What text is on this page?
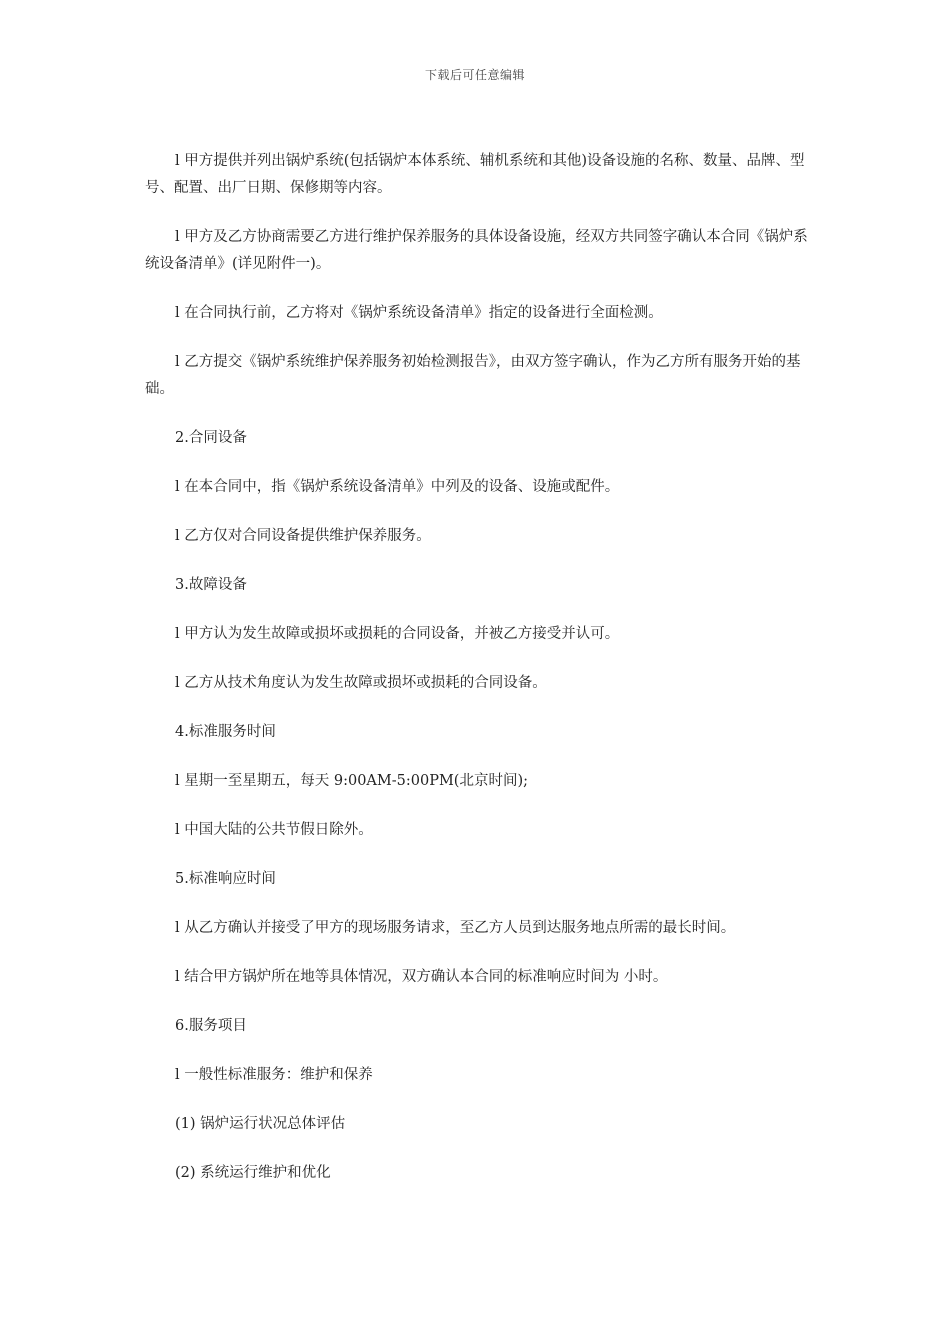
下载后可任意编辑

l 甲方提供并列出锅炉系统(包括锅炉本体系统、辅机系统和其他)设备设施的名称、数量、品牌、型号、配置、出厂日期、保修期等内容。

l 甲方及乙方协商需要乙方进行维护保养服务的具体设备设施，经双方共同签字确认本合同《锅炉系统设备清单》(详见附件一)。

l 在合同执行前，乙方将对《锅炉系统设备清单》指定的设备进行全面检测。

l 乙方提交《锅炉系统维护保养服务初始检测报告》，由双方签字确认，作为乙方所有服务开始的基础。

2.合同设备

l 在本合同中，指《锅炉系统设备清单》中列及的设备、设施或配件。

l 乙方仅对合同设备提供维护保养服务。

3.故障设备

l 甲方认为发生故障或损坏或损耗的合同设备，并被乙方接受并认可。

l 乙方从技术角度认为发生故障或损坏或损耗的合同设备。

4.标准服务时间

l 星期一至星期五，每天 9:00AM-5:00PM(北京时间);

l 中国大陆的公共节假日除外。

5.标准响应时间

l 从乙方确认并接受了甲方的现场服务请求，至乙方人员到达服务地点所需的最长时间。

l 结合甲方锅炉所在地等具体情况，双方确认本合同的标准响应时间为 小时。

6.服务项目

l 一般性标准服务：维护和保养

(1) 锅炉运行状况总体评估

(2) 系统运行维护和优化
